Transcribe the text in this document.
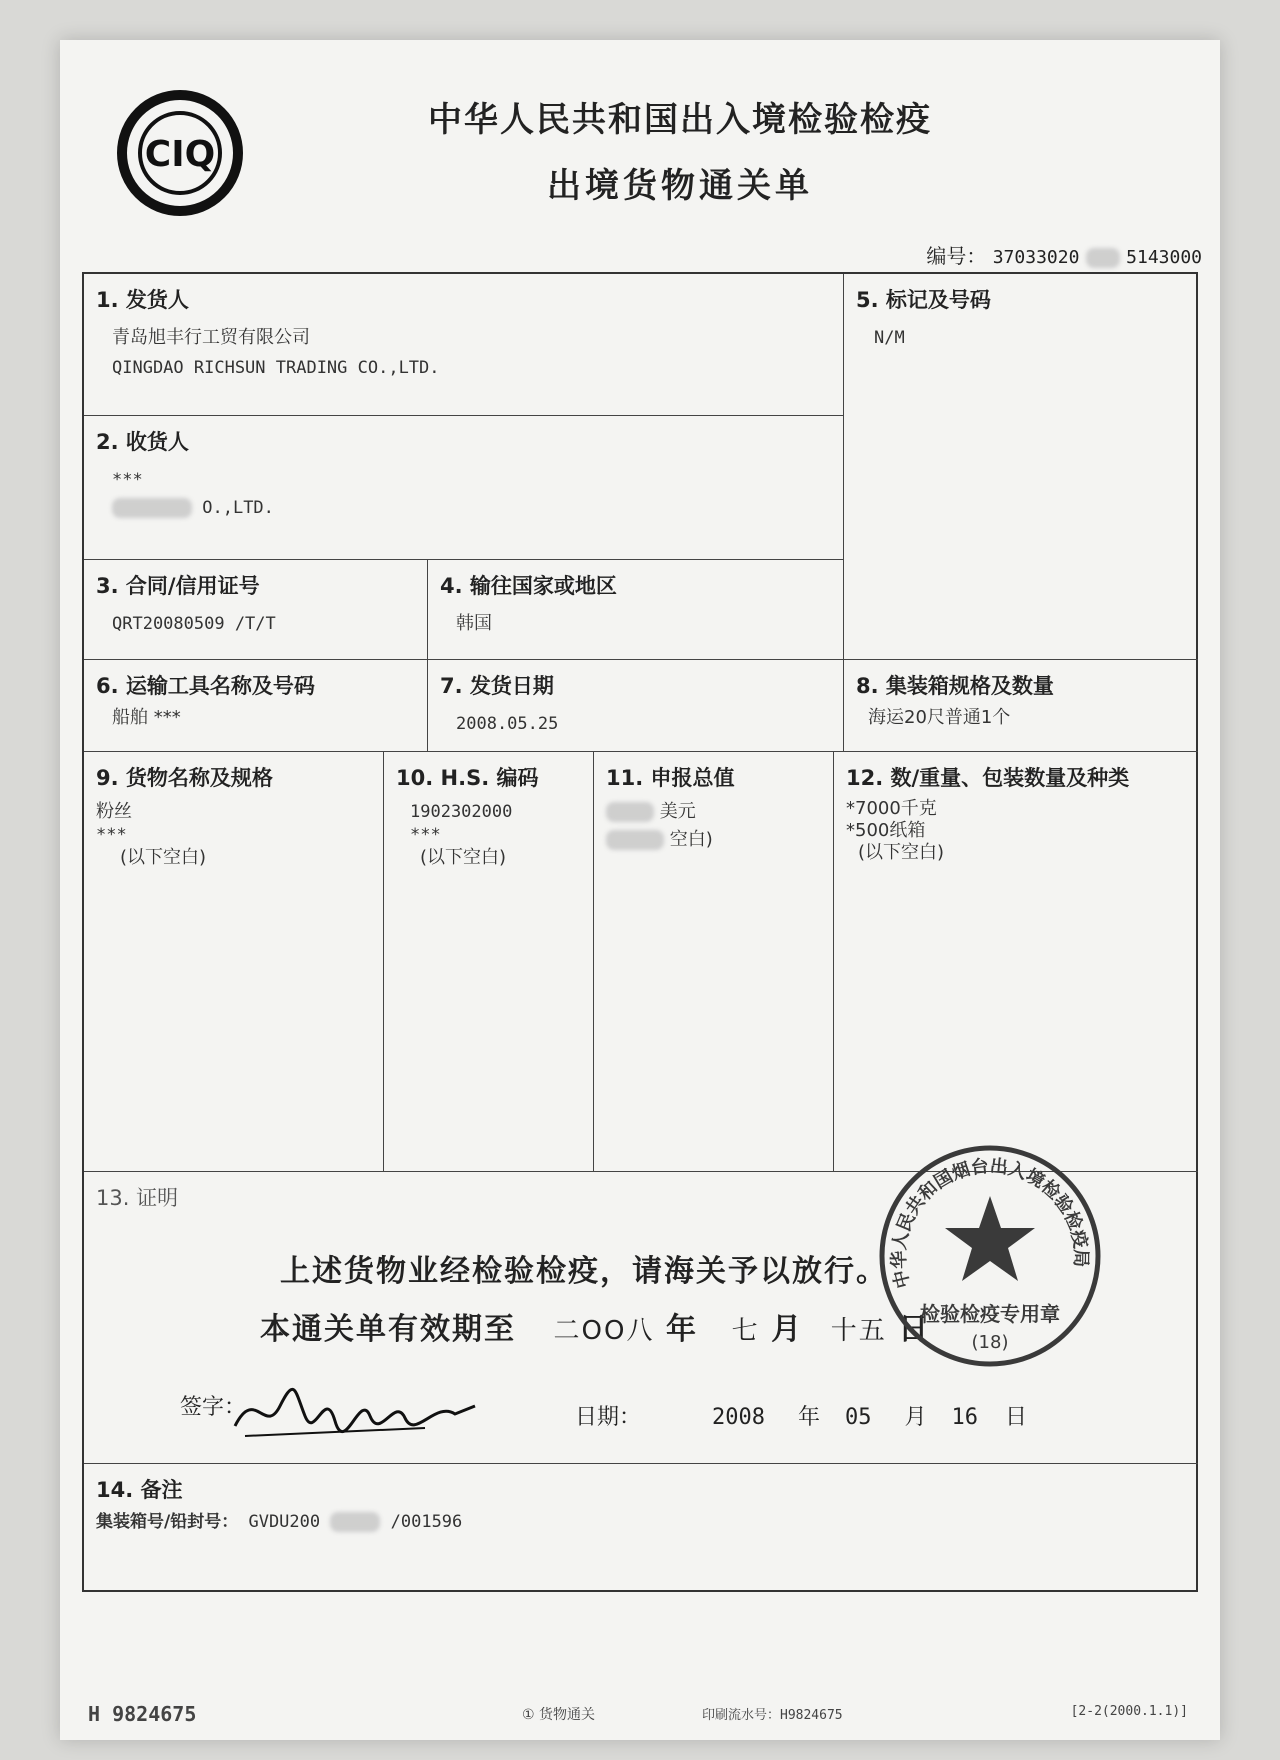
CIQ
中华人民共和国出入境检验检疫
出境货物通关单
编号： 37033020	5143000
1. 发货人
青岛旭丰行工贸有限公司
QINGDAO RICHSUN TRADING CO.,LTD.
5. 标记及号码
N/M
2. 收货人
***
O.,LTD.
3. 合同/信用证号
QRT20080509 /T/T
4. 输往国家或地区
韩国
6. 运输工具名称及号码
船舶 ***
7. 发货日期
2008.05.25
8. 集装箱规格及数量
海运20尺普通1个
9. 货物名称及规格
粉丝
***
(以下空白)
10. H.S. 编码
1902302000
***
(以下空白)
11. 申报总值
美元
空白)
12. 数/重量、包装数量及种类
*7000千克
*500纸箱
(以下空白)
13. 证明
14. 备注
集装箱号/铅封号： GVDU200	/001596
上述货物业经检验检疫，请海关予以放行。
本通关单有效期至 二OO八 年 七 月 十五 日
签字：	日期：	2008 年 05 月 16 日
中华人民共和国烟台出入境检验检疫局
检验检疫专用章
(18)
H 9824675	① 货物通关	印刷流水号：H9824675	[2-2(2000.1.1)]
